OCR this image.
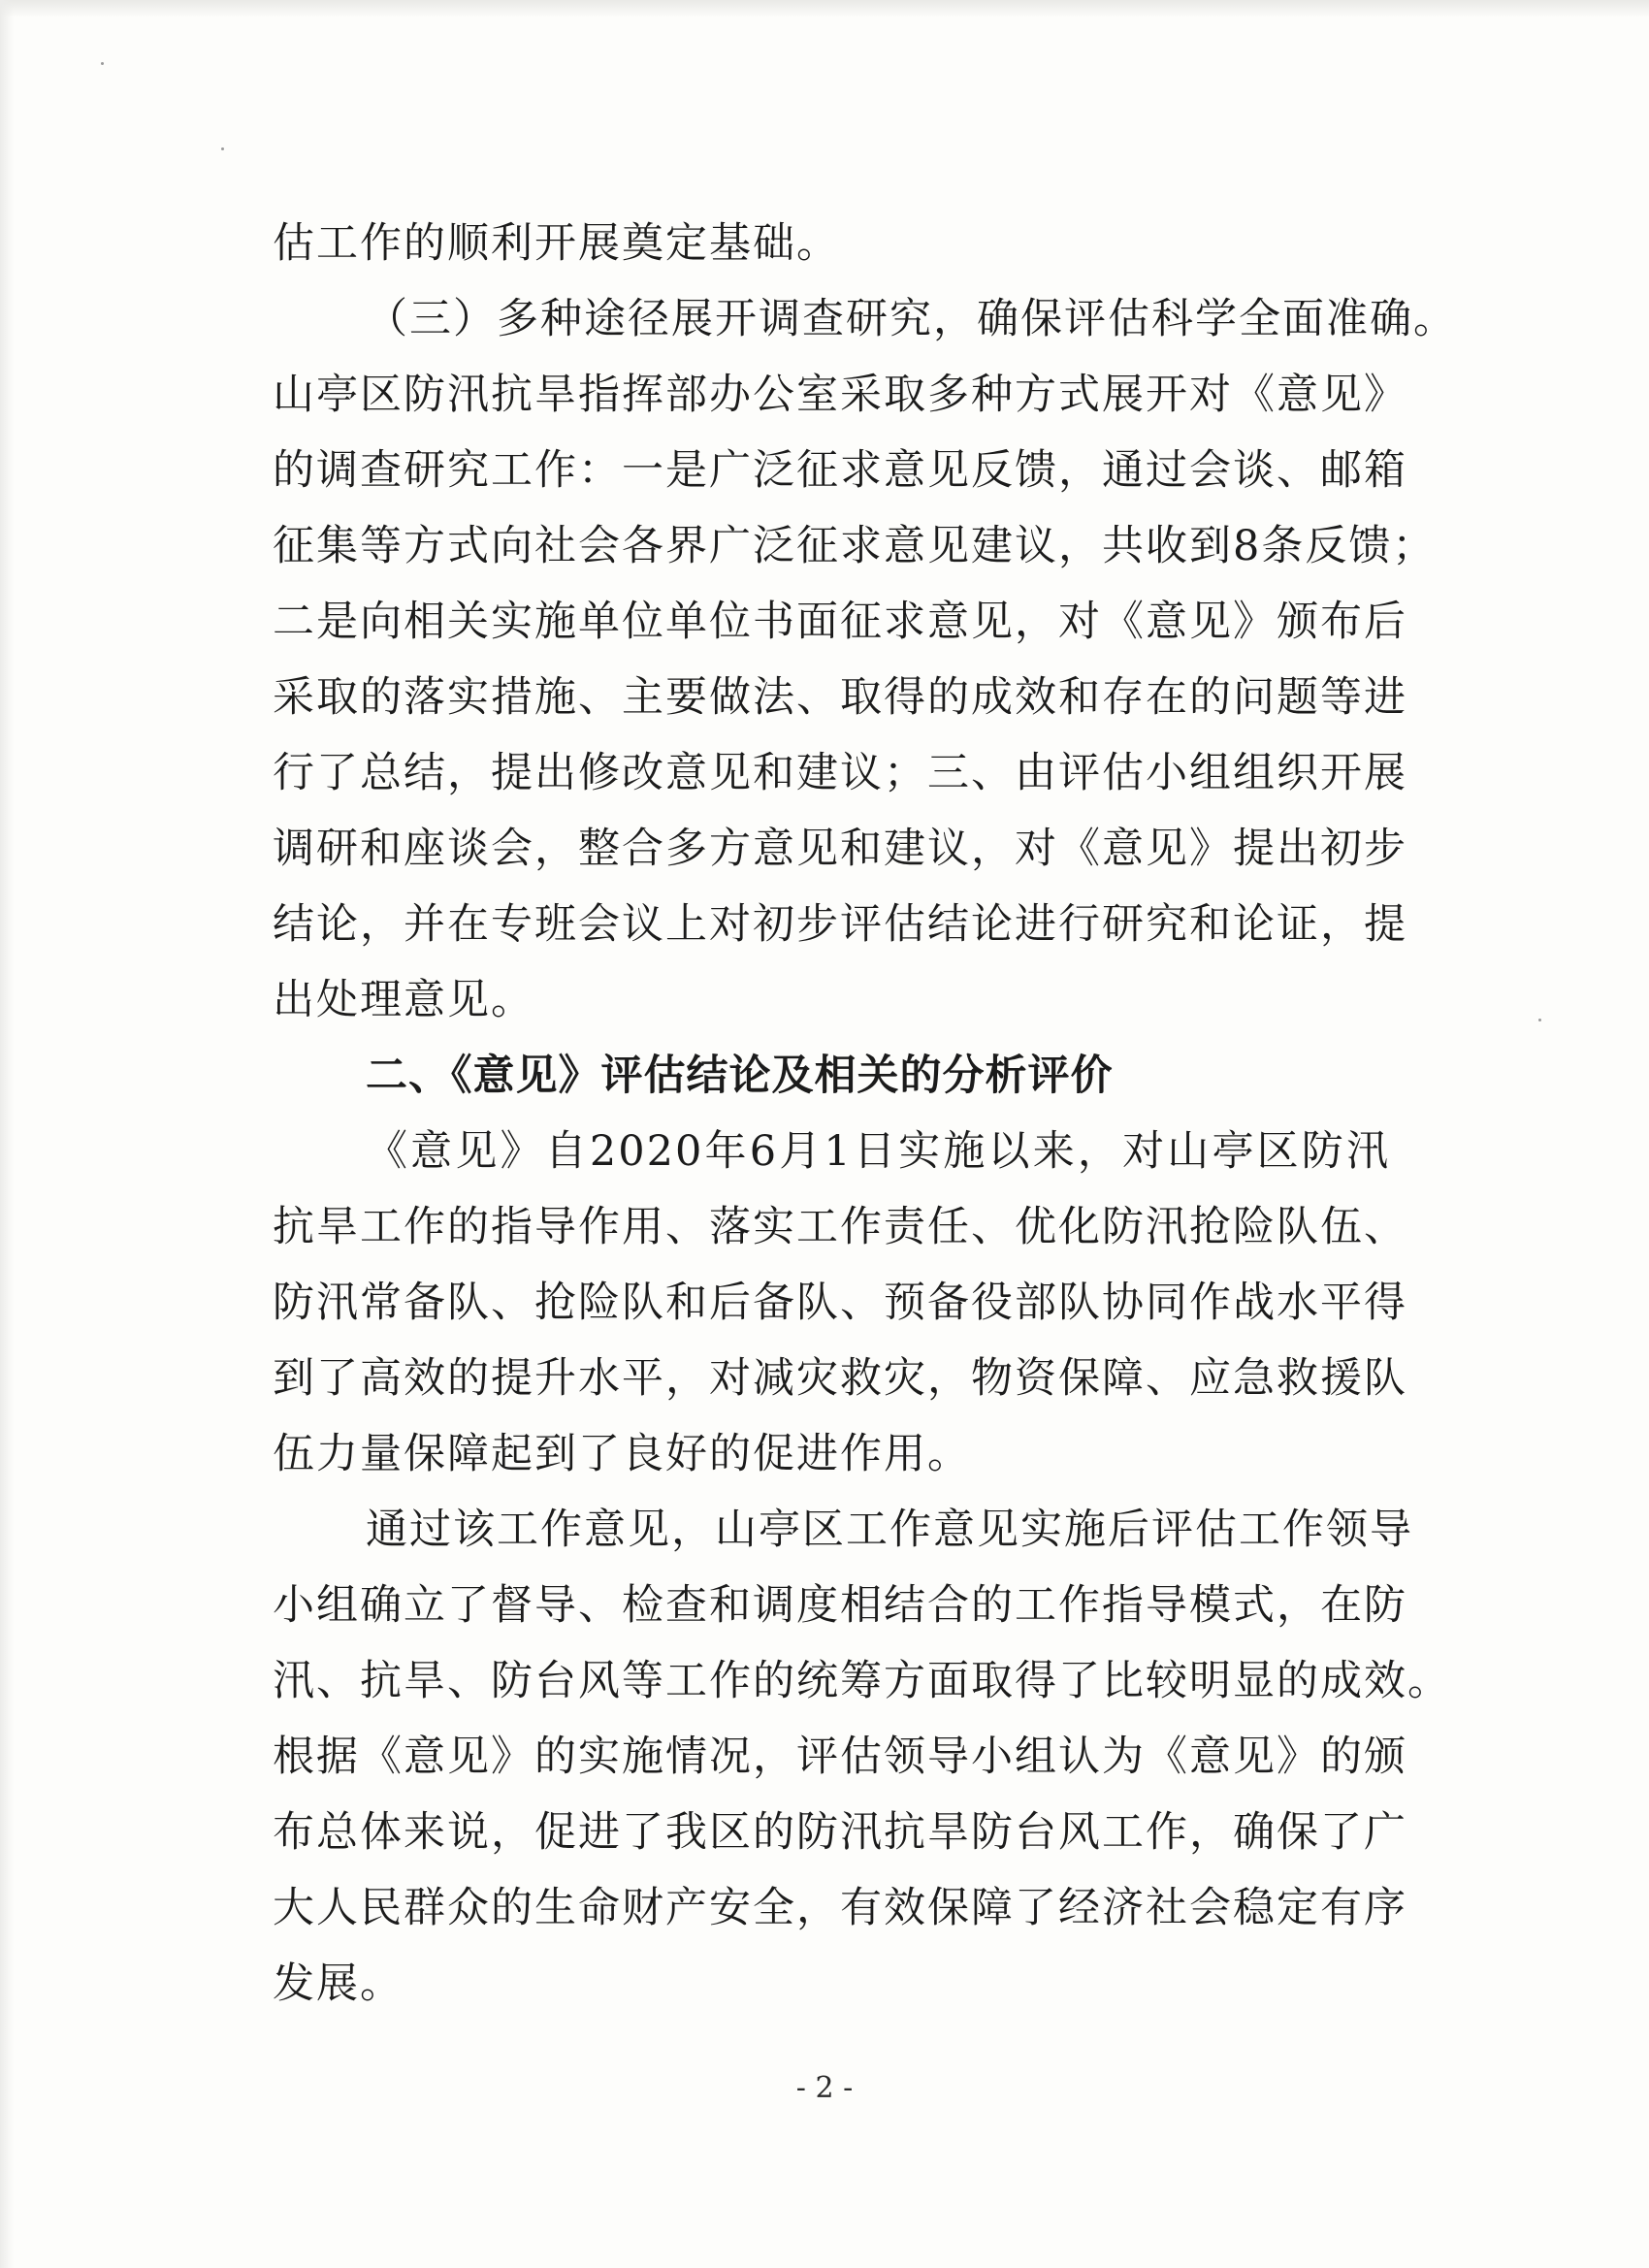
估工作的顺利开展奠定基础。
（三）多种途径展开调查研究，确保评估科学全面准确。
山亭区防汛抗旱指挥部办公室采取多种方式展开对《意见》
的调查研究工作：一是广泛征求意见反馈，通过会谈、邮箱
征集等方式向社会各界广泛征求意见建议，共收到8条反馈；
二是向相关实施单位单位书面征求意见，对《意见》颁布后
采取的落实措施、主要做法、取得的成效和存在的问题等进
行了总结，提出修改意见和建议；三、由评估小组组织开展
调研和座谈会，整合多方意见和建议，对《意见》提出初步
结论，并在专班会议上对初步评估结论进行研究和论证，提
出处理意见。
二、《意见》评估结论及相关的分析评价
《意见》自2020年6月1日实施以来，对山亭区防汛
抗旱工作的指导作用、落实工作责任、优化防汛抢险队伍、
防汛常备队、抢险队和后备队、预备役部队协同作战水平得
到了高效的提升水平，对减灾救灾，物资保障、应急救援队
伍力量保障起到了良好的促进作用。
通过该工作意见，山亭区工作意见实施后评估工作领导
小组确立了督导、检查和调度相结合的工作指导模式，在防
汛、抗旱、防台风等工作的统筹方面取得了比较明显的成效。
根据《意见》的实施情况，评估领导小组认为《意见》的颁
布总体来说，促进了我区的防汛抗旱防台风工作，确保了广
大人民群众的生命财产安全，有效保障了经济社会稳定有序
发展。
- 2 -
